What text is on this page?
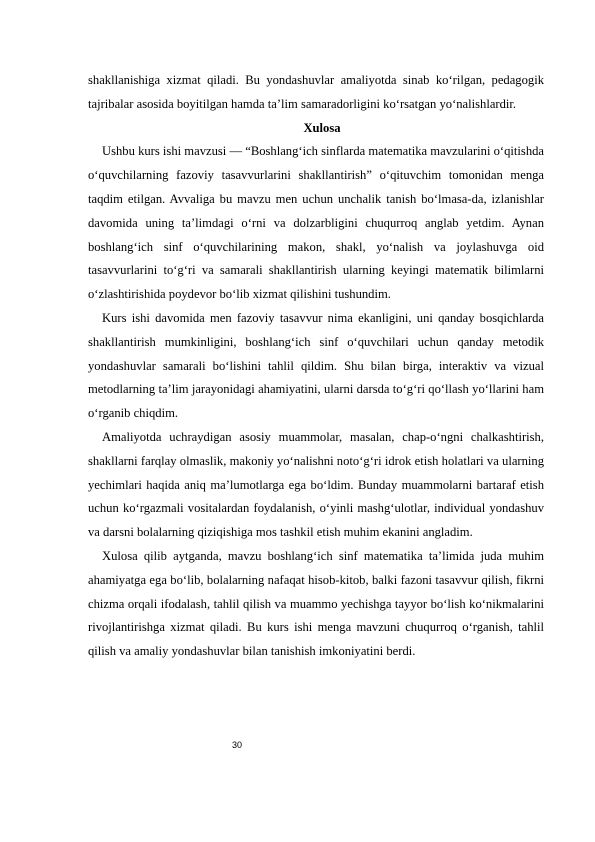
shakllanishiga xizmat qiladi. Bu yondashuvlar amaliyotda sinab ko‘rilgan, pedagogik tajribalar asosida boyitilgan hamda ta’lim samaradorligini ko‘rsatgan yo‘nalishlardir.

Xulosa

Ushbu kurs ishi mavzusi — “Boshlang‘ich sinflarda matematika mavzularini o‘qitishda o‘quvchilarning fazoviy tasavvurlarini shakllantirish” o‘qituvchim tomonidan menga taqdim etilgan. Avvaliga bu mavzu men uchun unchalik tanish bo‘lmasa-da, izlanishlar davomida uning ta’limdagi o‘rni va dolzarbligini chuqurroq anglab yetdim. Aynan boshlang‘ich sinf o‘quvchilarining makon, shakl, yo‘nalish va joylashuvga oid tasavvurlarini to‘g‘ri va samarali shakllantirish ularning keyingi matematik bilimlarni o‘zlashtirishida poydevor bo‘lib xizmat qilishini tushundim.

Kurs ishi davomida men fazoviy tasavvur nima ekanligini, uni qanday bosqichlarda shakllantirish mumkinligini, boshlang‘ich sinf o‘quvchilari uchun qanday metodik yondashuvlar samarali bo‘lishini tahlil qildim. Shu bilan birga, interaktiv va vizual metodlarning ta’lim jarayonidagi ahamiyatini, ularni darsda to‘g‘ri qo‘llash yo‘llarini ham o‘rganib chiqdim.

Amaliyotda uchraydigan asosiy muammolar, masalan, chap-o‘ngni chalkashtirish, shakllarni farqlay olmaslik, makoniy yo‘nalishni noto‘g‘ri idrok etish holatlari va ularning yechimlari haqida aniq ma’lumotlarga ega bo‘ldim. Bunday muammolarni bartaraf etish uchun ko‘rgazmali vositalardan foydalanish, o‘yinli mashg‘ulotlar, individual yondashuv va darsni bolalarning qiziqishiga mos tashkil etish muhim ekanini angladim.

Xulosa qilib aytganda, mavzu boshlang‘ich sinf matematika ta’limida juda muhim ahamiyatga ega bo‘lib, bolalarning nafaqat hisob-kitob, balki fazoni tasavvur qilish, fikrni chizma orqali ifodalash, tahlil qilish va muammo yechishga tayyor bo‘lish ko‘nikmalarini rivojlantirishga xizmat qiladi. Bu kurs ishi menga mavzuni chuqurroq o‘rganish, tahlil qilish va amaliy yondashuvlar bilan tanishish imkoniyatini berdi.

30
